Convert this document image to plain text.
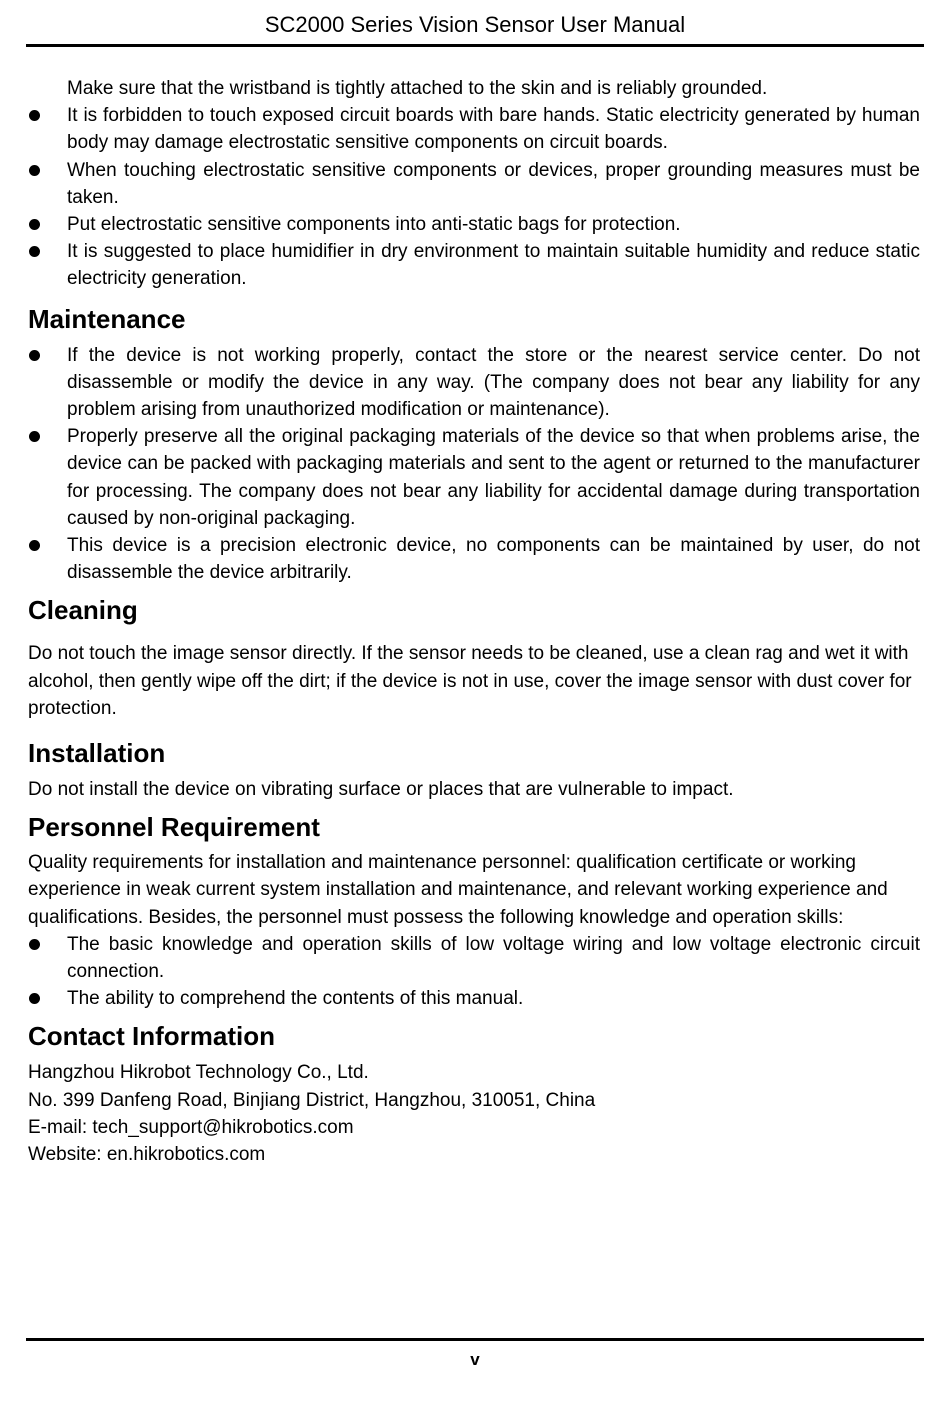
SC2000 Series Vision Sensor User Manual
Make sure that the wristband is tightly attached to the skin and is reliably grounded.
It is forbidden to touch exposed circuit boards with bare hands. Static electricity generated by human body may damage electrostatic sensitive components on circuit boards.
When touching electrostatic sensitive components or devices, proper grounding measures must be taken.
Put electrostatic sensitive components into anti-static bags for protection.
It is suggested to place humidifier in dry environment to maintain suitable humidity and reduce static electricity generation.
Maintenance
If the device is not working properly, contact the store or the nearest service center. Do not disassemble or modify the device in any way. (The company does not bear any liability for any problem arising from unauthorized modification or maintenance).
Properly preserve all the original packaging materials of the device so that when problems arise, the device can be packed with packaging materials and sent to the agent or returned to the manufacturer for processing. The company does not bear any liability for accidental damage during transportation caused by non-original packaging.
This device is a precision electronic device, no components can be maintained by user, do not disassemble the device arbitrarily.
Cleaning

Do not touch the image sensor directly. If the sensor needs to be cleaned, use a clean rag and wet it with alcohol, then gently wipe off the dirt; if the device is not in use, cover the image sensor with dust cover for protection.

Installation

Do not install the device on vibrating surface or places that are vulnerable to impact.

Personnel Requirement

Quality requirements for installation and maintenance personnel: qualification certificate or working experience in weak current system installation and maintenance, and relevant working experience and qualifications. Besides, the personnel must possess the following knowledge and operation skills:

The basic knowledge and operation skills of low voltage wiring and low voltage electronic circuit connection.
The ability to comprehend the contents of this manual.
Contact Information

Hangzhou Hikrobot Technology Co., Ltd.

No. 399 Danfeng Road, Binjiang District, Hangzhou, 310051, China

E-mail: tech_support@hikrobotics.com

Website: en.hikrobotics.com

v
